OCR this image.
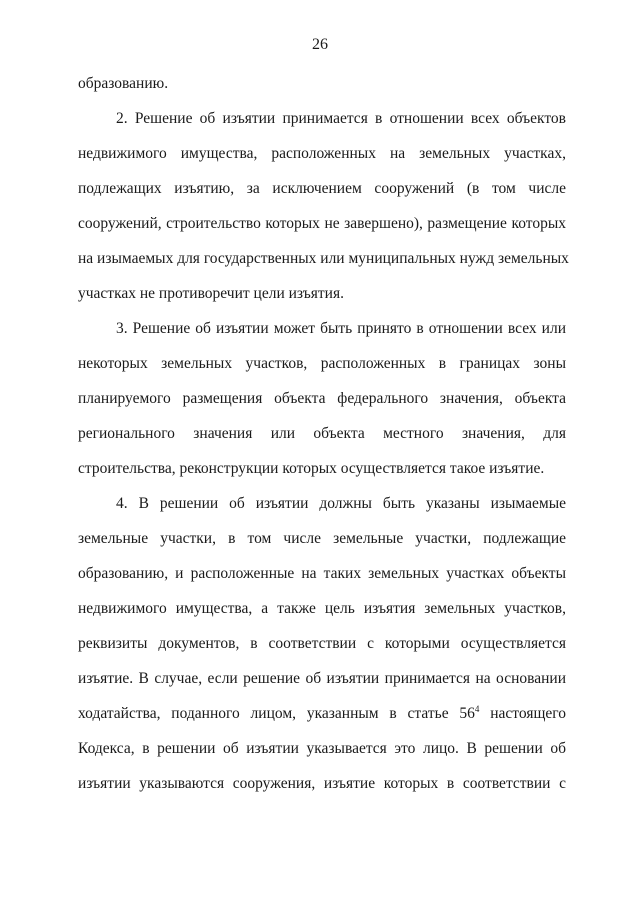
26
образованию.
2. Решение об изъятии принимается в отношении всех объектов
недвижимого имущества, расположенных на земельных участках,
подлежащих изъятию, за исключением сооружений (в том числе
сооружений, строительство которых не завершено), размещение которых
на изымаемых для государственных или муниципальных нужд земельных
участках не противоречит цели изъятия.
3. Решение об изъятии может быть принято в отношении всех или
некоторых земельных участков, расположенных в границах зоны
планируемого размещения объекта федерального значения, объекта
регионального значения или объекта местного значения, для
строительства, реконструкции которых осуществляется такое изъятие.
4. В решении об изъятии должны быть указаны изымаемые
земельные участки, в том числе земельные участки, подлежащие
образованию, и расположенные на таких земельных участках объекты
недвижимого имущества, а также цель изъятия земельных участков,
реквизиты документов, в соответствии с которыми осуществляется
изъятие. В случае, если решение об изъятии принимается на основании
ходатайства, поданного лицом, указанным в статье $56^4$ настоящего
Кодекса, в решении об изъятии указывается это лицо. В решении об
изъятии указываются сооружения, изъятие которых в соответствии с
